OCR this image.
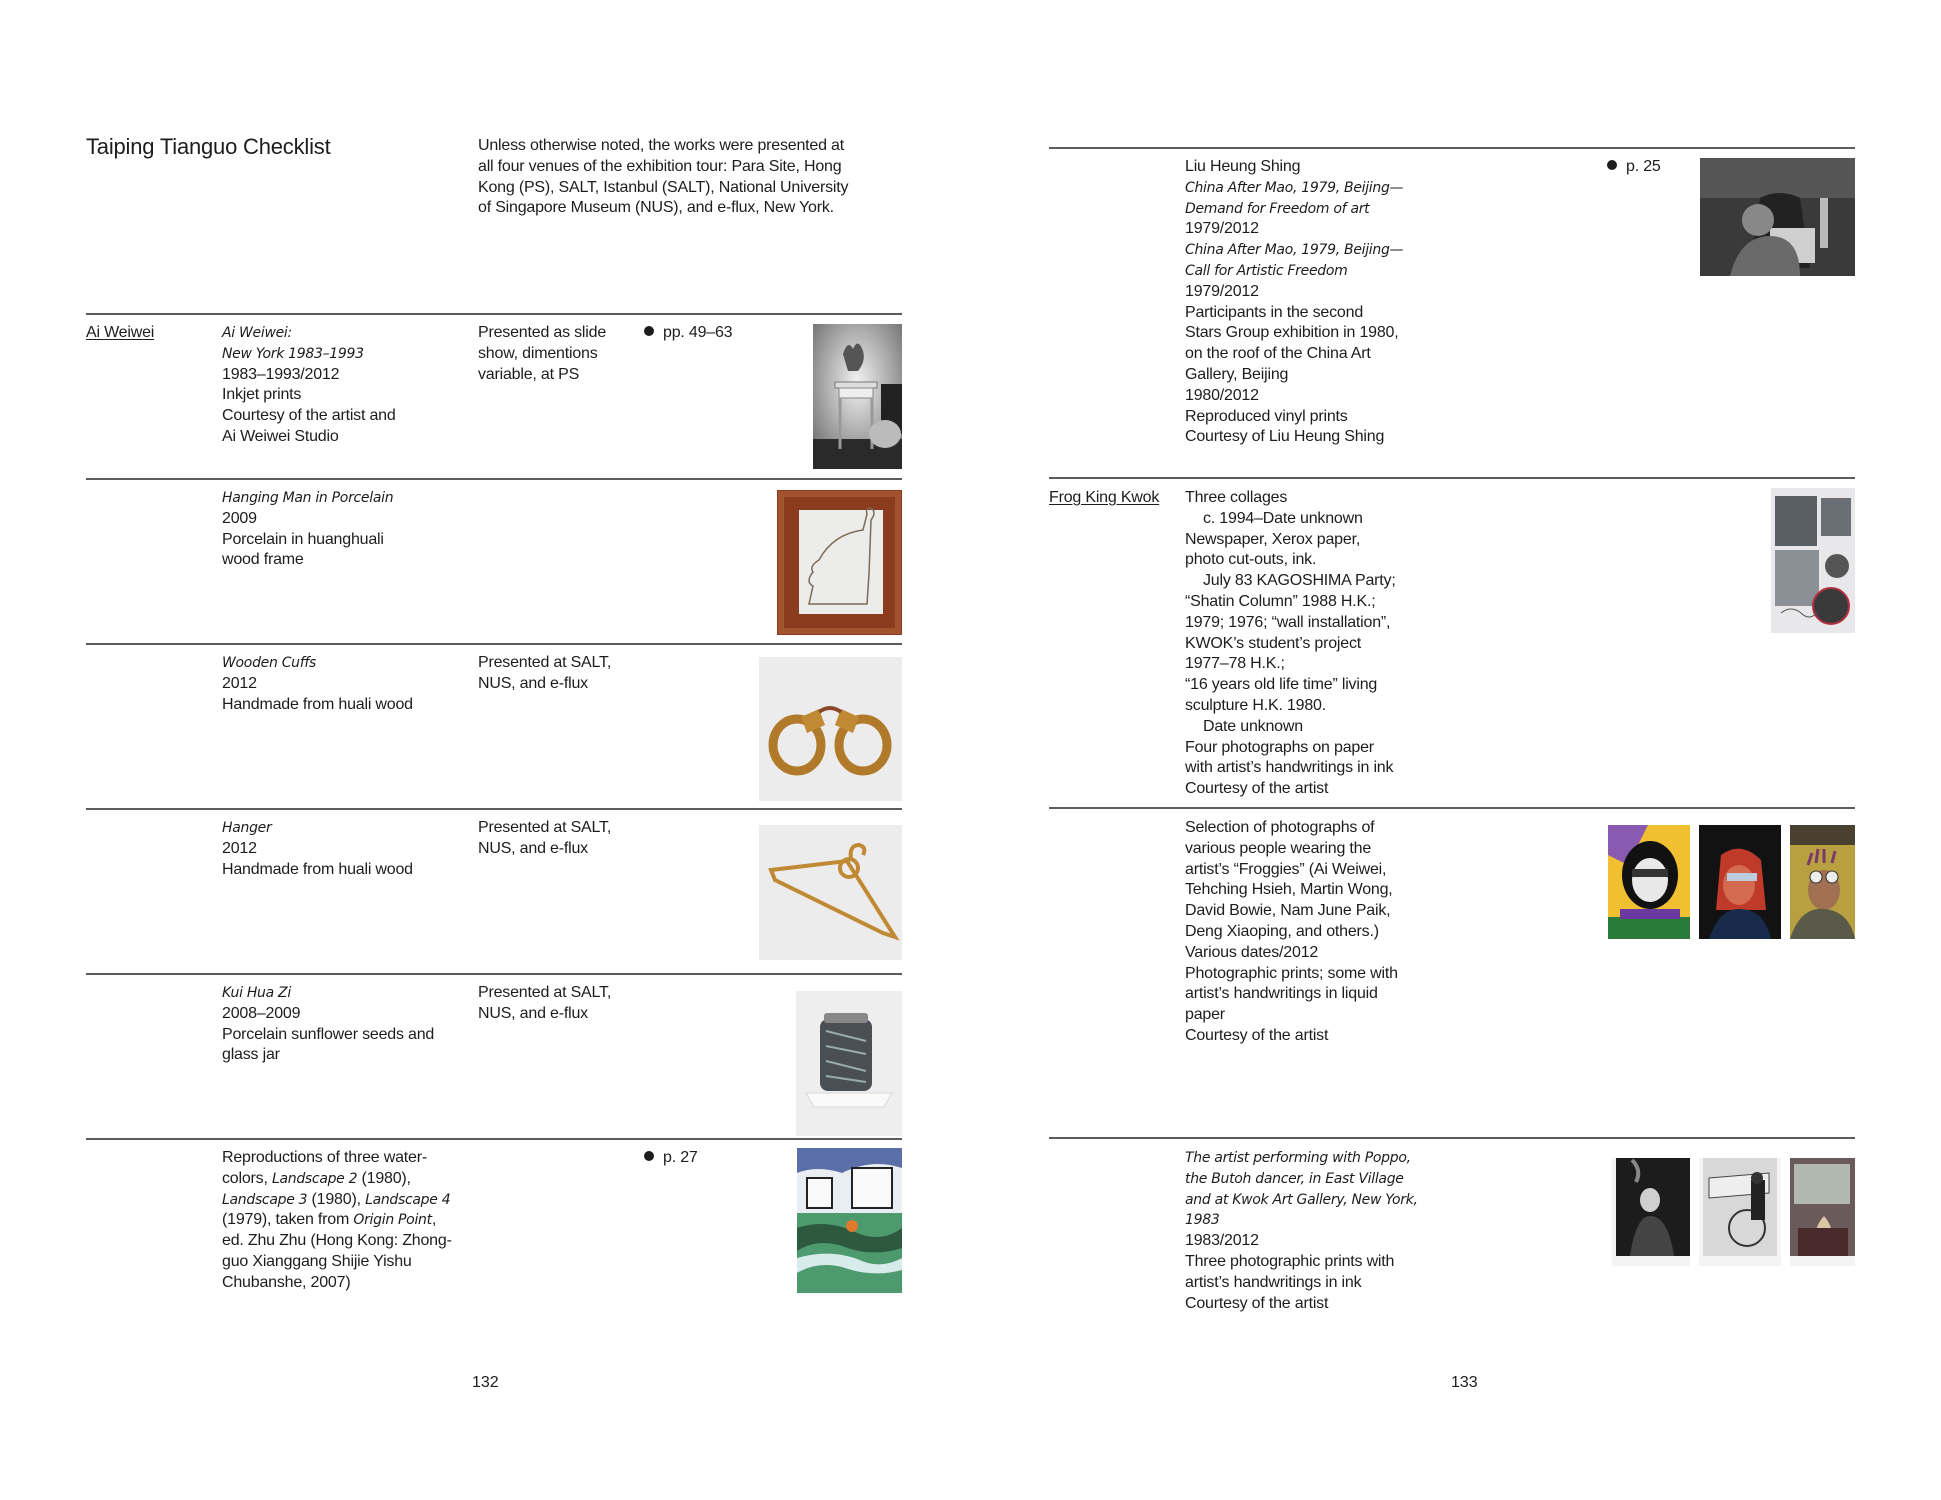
Taiping Tianguo Checklist	Unless otherwise noted, the works were presented at
all four venues of the exhibition tour: Para Site, Hong
Kong (PS), SALT, Istanbul (SALT), National University
of Singapore Museum (NUS), and e-flux, New York.
Ai Weiwei	Ai Weiwei:
New York 1983–1993
1983–1993/2012
Inkjet prints
Courtesy of the artist and
Ai Weiwei Studio
Presented as slide
show, dimentions
variable, at PS
pp. 49–63
Hanging Man in Porcelain
2009
Porcelain in huanghuali
wood frame
Wooden Cuffs
2012
Handmade from huali wood
Presented at SALT,
NUS, and e-flux
Hanger
2012
Handmade from huali wood
Presented at SALT,
NUS, and e-flux
Kui Hua Zi
2008–2009
Porcelain sunflower seeds and
glass jar
Presented at SALT,
NUS, and e-flux
Reproductions of three water-
colors, Landscape 2 (1980),
Landscape 3 (1980), Landscape 4
(1979), taken from Origin Point,
ed. Zhu Zhu (Hong Kong: Zhong-
guo Xianggang Shijie Yishu
Chubanshe, 2007)
p. 27
132
Liu Heung Shing
China After Mao, 1979, Beijing—
Demand for Freedom of art
1979/2012
China After Mao, 1979, Beijing—
Call for Artistic Freedom
1979/2012
Participants in the second
Stars Group exhibition in 1980,
on the roof of the China Art
Gallery, Beijing
1980/2012
Reproduced vinyl prints
Courtesy of Liu Heung Shing
p. 25
Frog King Kwok Three collages
c. 1994–Date unknown
Newspaper, Xerox paper,
photo cut-outs, ink.
July 83 KAGOSHIMA Party;
“Shatin Column” 1988 H.K.;
1979; 1976; “wall installation”,
KWOK’s student’s project
1977–78 H.K.;
“16 years old life time” living
sculpture H.K. 1980.
Date unknown
Four photographs on paper
with artist’s handwritings in ink
Courtesy of the artist
Selection of photographs of
various people wearing the
artist’s “Froggies” (Ai Weiwei,
Tehching Hsieh, Martin Wong,
David Bowie, Nam June Paik,
Deng Xiaoping, and others.)
Various dates/2012
Photographic prints; some with
artist’s handwritings in liquid
paper
Courtesy of the artist
The artist performing with Poppo,
the Butoh dancer, in East Village
and at Kwok Art Gallery, New York,
1983
1983/2012
Three photographic prints with
artist’s handwritings in ink
Courtesy of the artist
133
